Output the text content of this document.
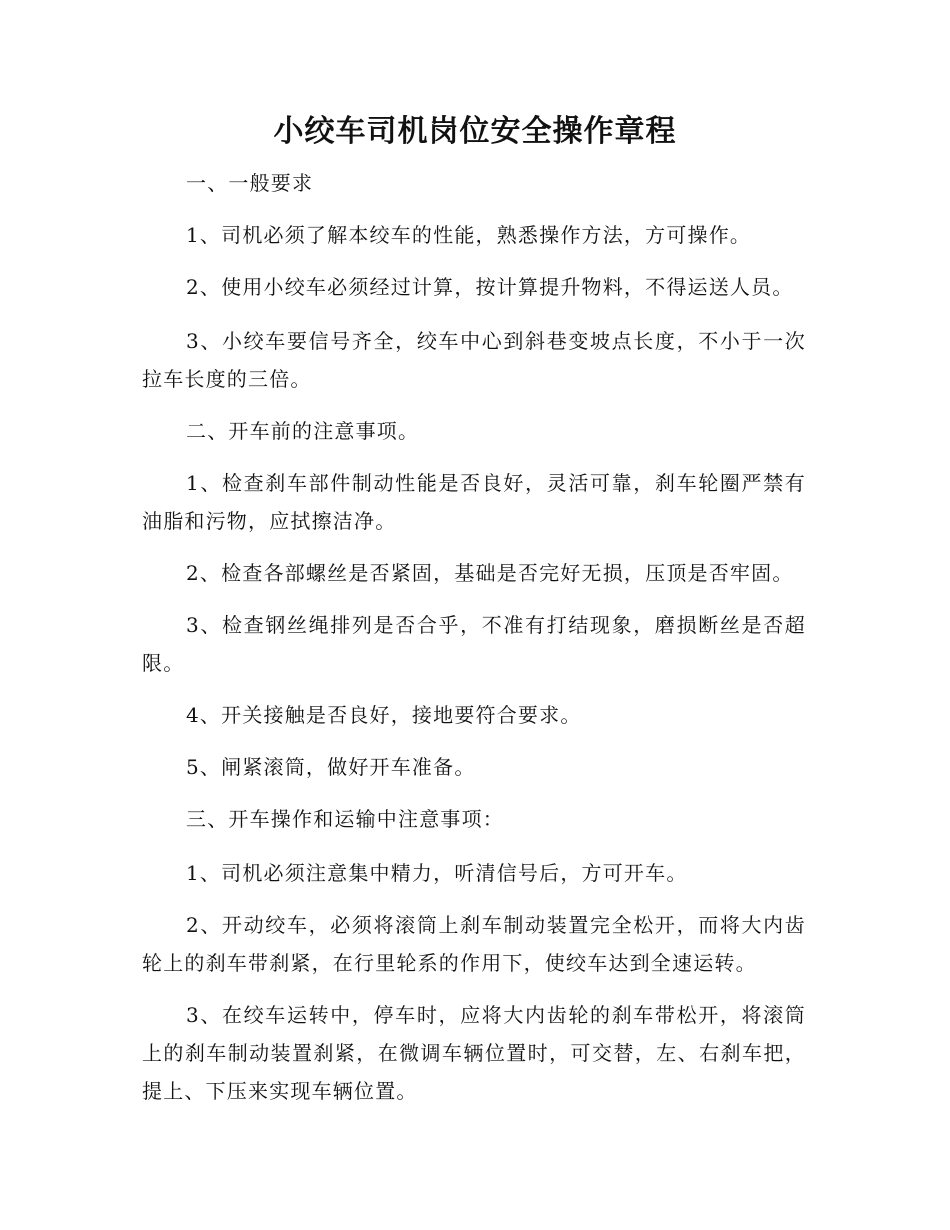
小绞车司机岗位安全操作章程
一、一般要求
1、司机必须了解本绞车的性能，熟悉操作方法，方可操作。
2、使用小绞车必须经过计算，按计算提升物料，不得运送人员。
3、小绞车要信号齐全，绞车中心到斜巷变坡点长度，不小于一次拉车长度的三倍。
二、开车前的注意事项。
1、检查刹车部件制动性能是否良好，灵活可靠，刹车轮圈严禁有油脂和污物，应拭擦洁净。
2、检查各部螺丝是否紧固，基础是否完好无损，压顶是否牢固。
3、检查钢丝绳排列是否合乎，不准有打结现象，磨损断丝是否超限。
4、开关接触是否良好，接地要符合要求。
5、闸紧滚筒，做好开车准备。
三、开车操作和运输中注意事项：
1、司机必须注意集中精力，听清信号后，方可开车。
2、开动绞车，必须将滚筒上刹车制动装置完全松开，而将大内齿轮上的刹车带刹紧，在行里轮系的作用下，使绞车达到全速运转。
3、在绞车运转中，停车时，应将大内齿轮的刹车带松开，将滚筒上的刹车制动装置刹紧，在微调车辆位置时，可交替，左、右刹车把，提上、下压来实现车辆位置。
